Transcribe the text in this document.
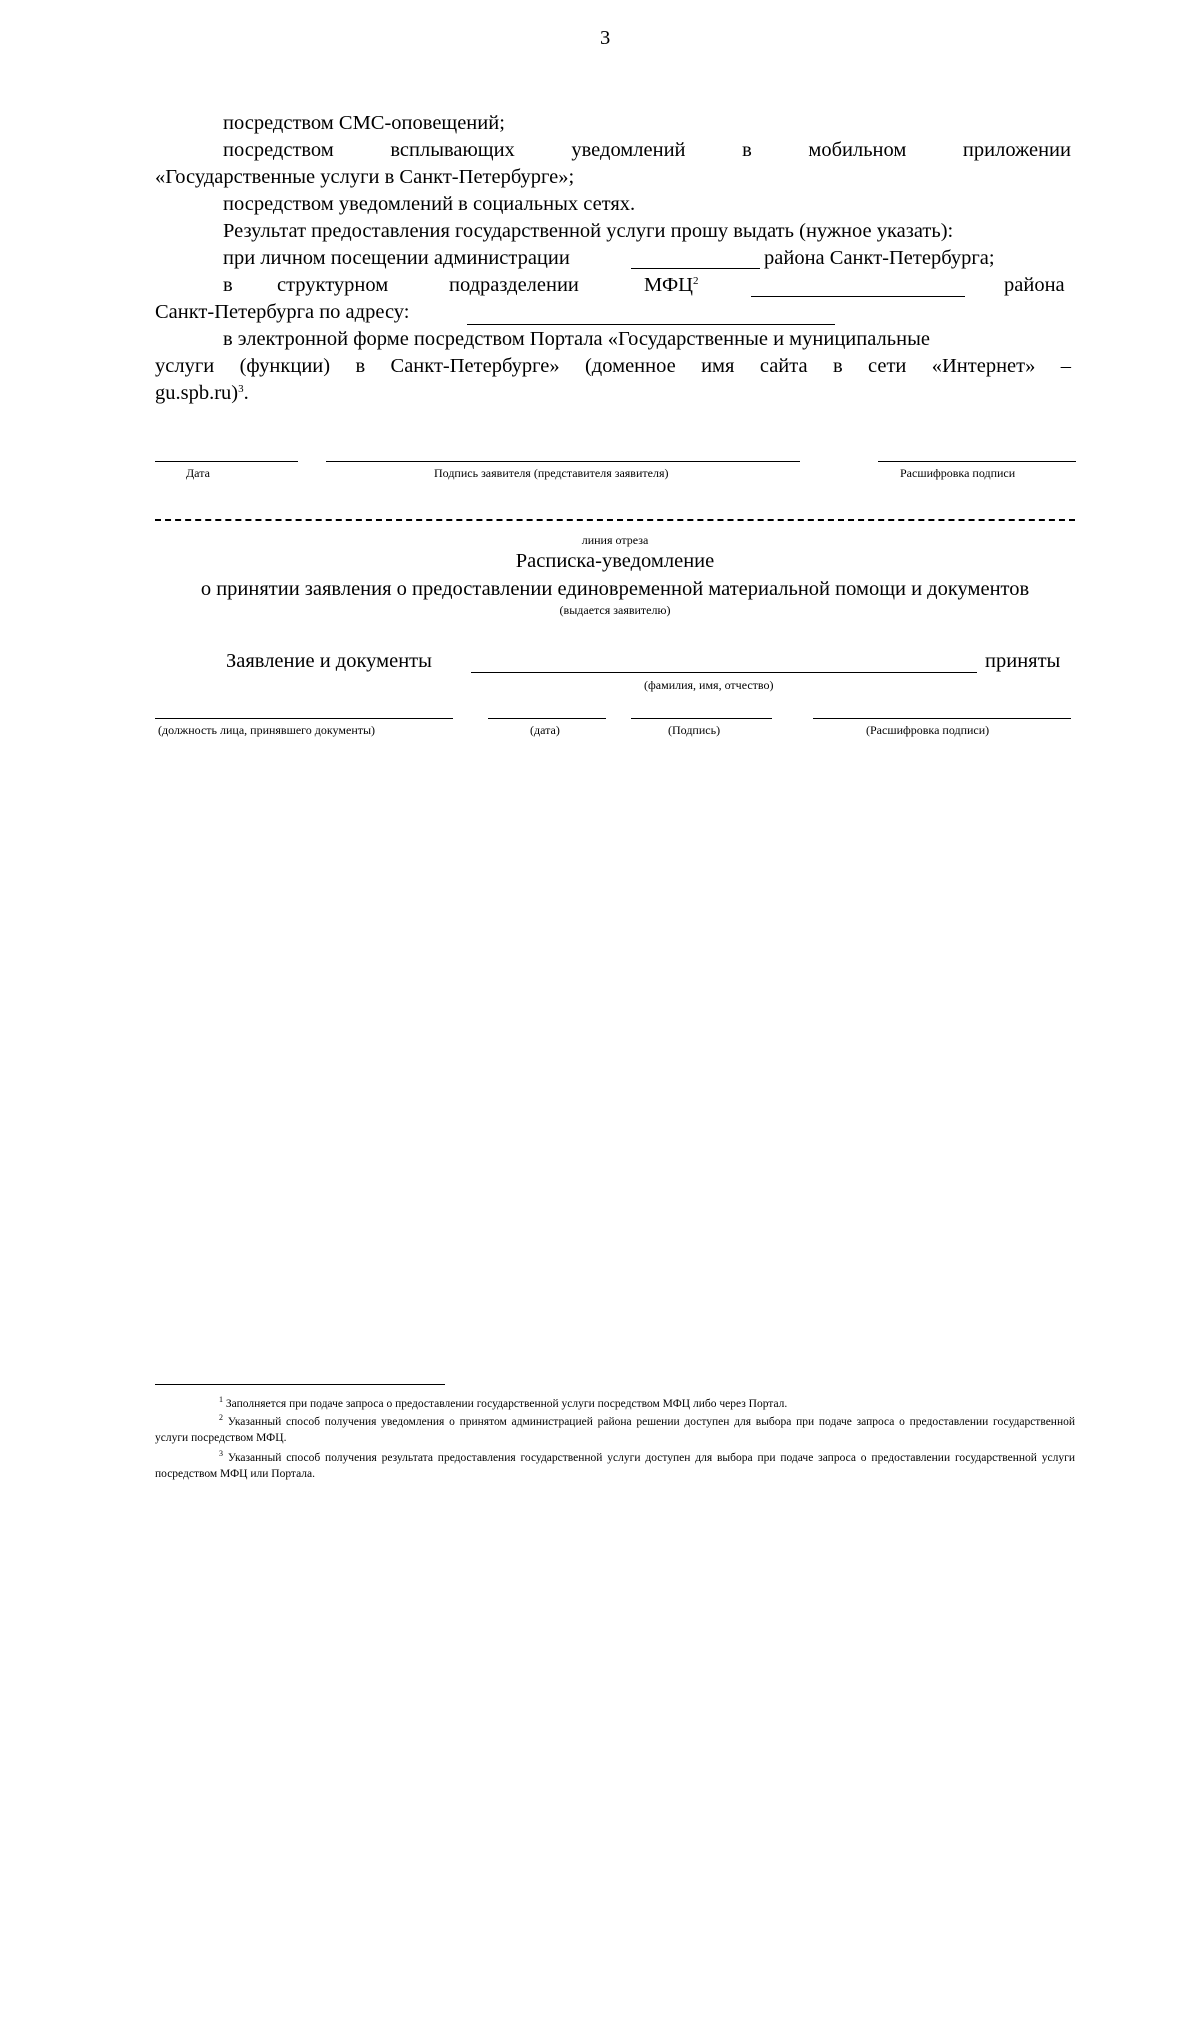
3
посредством СМС-оповещений;
посредством	всплывающих	уведомлений	в	мобильном	приложении
«Государственные услуги в Санкт-Петербурге»;
посредством уведомлений в социальных сетях.
Результат предоставления государственной услуги прошу выдать (нужное указать):
при личном посещении администрации	района Санкт-Петербурга;
в структурном	подразделении	МФЦ$^2$	района
Санкт-Петербурга по адресу:
в электронной форме посредством Портала «Государственные и муниципальные
услуги (функции) в Санкт-Петербурге» (доменное имя сайта в сети «Интернет» –
gu.spb.ru)$^3$.
Дата	Подпись заявителя (представителя заявителя)	Расшифровка подписи
линия отреза
Расписка-уведомление
о принятии заявления о предоставлении единовременной материальной помощи и документов
(выдается заявителю)
Заявление и документы	приняты
(фамилия, имя, отчество)
(должность лица, принявшего документы)	(дата)	(Подпись)	(Расшифровка подписи)
$^1$ Заполняется при подаче запроса о предоставлении государственной услуги посредством МФЦ либо через Портал.
$^2$ Указанный способ получения уведомления о принятом администрацией района решении доступен для выбора при подаче запроса о предоставлении государственной услуги посредством МФЦ.
$^3$ Указанный способ получения результата предоставления государственной услуги доступен для выбора при подаче запроса о предоставлении государственной услуги посредством МФЦ или Портала.
